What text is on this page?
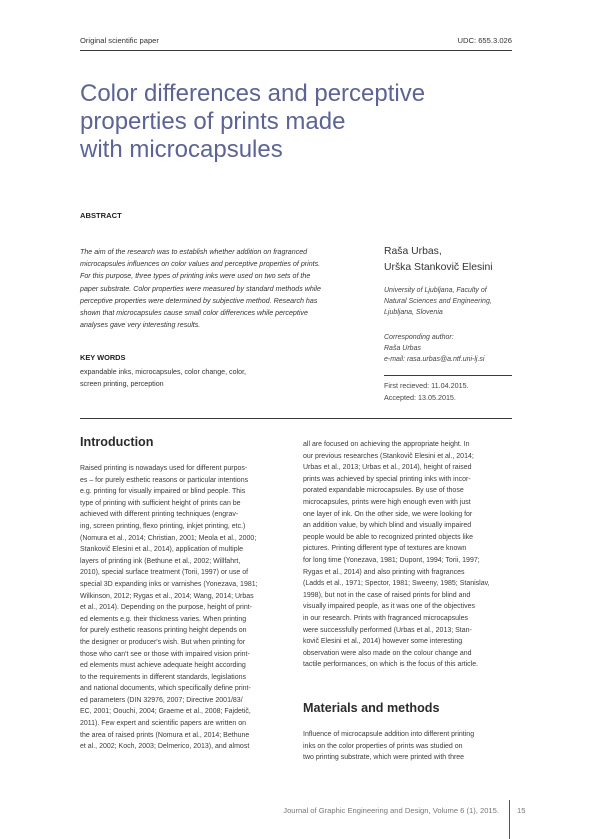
Original scientific paper	UDC: 655.3.026
Color differences and perceptive
properties of prints made
with microcapsules
ABSTRACT
The aim of the research was to establish whether addition on fragranced
microcapsules influences on color values and perceptive properties of prints.
For this purpose, three types of printing inks were used on two sets of the
paper substrate. Color properties were measured by standard methods while
perceptive properties were determined by subjective method. Research has
shown that microcapsules cause small color differences while perceptive
analyses gave very interesting results.
KEY WORDS
expandable inks, microcapsules, color change, color,
screen printing, perception
Raša Urbas,
Urška Stankovič Elesini
University of Ljubljana, Faculty of
Natural Sciences and Engineering,
Ljubljana, Slovenia
Corresponding author:
Raša Urbas
e-mail: rasa.urbas@a.ntf.uni-lj.si
First recieved: 11.04.2015.
Accepted: 13.05.2015.
Introduction
Raised printing is nowadays used for different purpos-
es – for purely esthetic reasons or particular intentions
e.g. printing for visually impaired or blind people. This
type of printing with sufficient height of prints can be
achieved with different printing techniques (engrav-
ing, screen printing, flexo printing, inkjet printing, etc.)
(Nomura et al., 2014; Christian, 2001; Meola et al., 2000;
Stankovič Elesini et al., 2014), application of multiple
layers of printing ink (Bethune et al., 2002; Willfahrt,
2010), special surface treatment (Torii, 1997) or use of
special 3D expanding inks or varnishes (Yonezava, 1981;
Wilkinson, 2012; Rygas et al., 2014; Wang, 2014; Urbas
et al., 2014). Depending on the purpose, height of print-
ed elements e.g. their thickness varies. When printing
for purely esthetic reasons printing height depends on
the designer or producer's wish. But when printing for
those who can't see or those with impaired vision print-
ed elements must achieve adequate height according
to the requirements in different standards, legislations
and national documents, which specifically define print-
ed parameters (DIN 32976, 2007; Directive 2001/83/
EC, 2001; Oouchi, 2004; Graeme et al., 2008; Fajdetič,
2011). Few expert and scientific papers are written on
the area of raised prints (Nomura et al., 2014; Bethune
et al., 2002; Koch, 2003; Delmerico, 2013), and almost
all are focused on achieving the appropriate height. In
our previous researches (Stankovič Elesini et al., 2014;
Urbas et al., 2013; Urbas et al., 2014), height of raised
prints was achieved by special printing inks with incor-
porated expandable microcapsules. By use of those
microcapsules, prints were high enough even with just
one layer of ink. On the other side, we were looking for
an addition value, by which blind and visually impaired
people would be able to recognized printed objects like
pictures. Printing different type of textures are known
for long time (Yonezava, 1981; Dupont, 1994; Torii, 1997;
Rygas et al., 2014) and also printing with fragrances
(Ladds et al., 1971; Spector, 1981; Sweeny, 1985; Stanislav,
1998), but not in the case of raised prints for blind and
visually impaired people, as it was one of the objectives
in our research. Prints with fragranced microcapsules
were successfully performed (Urbas et al., 2013; Stan-
kovič Elesini et al., 2014) however some interesting
observation were also made on the colour change and
tactile performances, on which is the focus of this article.
Materials and methods
Influence of microcapsule addition into different printing
inks on the color properties of prints was studied on
two printing substrate, which were printed with three
Journal of Graphic Engineering and Design, Volume 6 (1), 2015. 15
